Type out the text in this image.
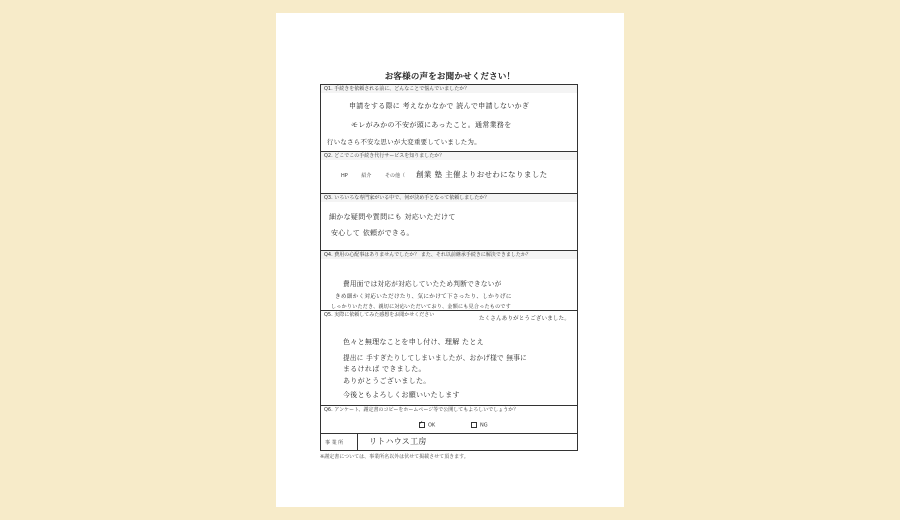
お客様の声をお聞かせください！
Q1. 手続きを依頼される前に、どんなことで悩んでいましたか？
申請をする際に 考えなかなかで 読んで申請しないかぎ
モレがみかの不安が頭にあったこと。通常業務を
行いなさら不安な思いが大変重要していました为。
Q2. どこでこの手続き代行サービスを知りましたか？
HP	紹介	その他（ 創業 塾 主催よりおせわになりました
Q3. いろいろな専門家がいる中で、何が決め手となって依頼しましたか？
細かな疑問や質問にも 対応いただけて
安心して 依頼ができる。
Q4. 費用の心配事はありませんでしたか？ また、それ以前継承手続きに解決できましたか？
費用面では対応が対応していたため判断できないが
きめ細かく対応いただけたり、気にかけて下さったり、しかりげに
しっかりいただき、親切に対応いただいており、金額にも見合ったものです
たくさんありがとうございました。
Q5. 実際に依頼してみた感想をお聞かせください
色々と無理なことを申し付け、理解 たとえ
提出に 手すぎたりしてしまいましたが、おかげ様で 無事に
まるければ できました。
ありがとうございました。
今後ともよろしくお願いいたします
Q6. アンケート、謝定書のコピーをホームページ等で公開してもよろしいでしょうか？
✓OK	NG
事 業 所	リトハウス工房
※謝定書については、事業所名以外は伏せて掲載させて頂きます。
